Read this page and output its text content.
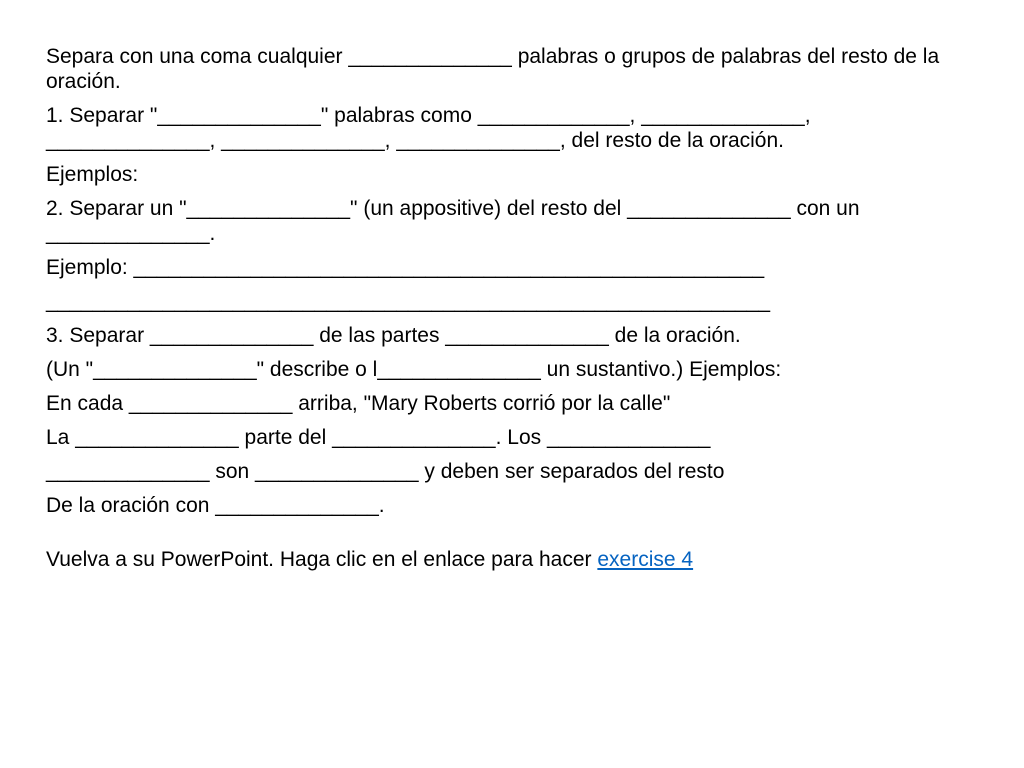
Separa con una coma cualquier ______________ palabras o grupos de palabras del resto de la oración.

1. Separar "______________" palabras como _____________, ______________, ______________, ______________, ______________, del resto de la oración.

Ejemplos:

2. Separar un "______________" (un appositive) del resto del ______________ con un ______________.

Ejemplo: ______________________________________________________

______________________________________________________________

3. Separar ______________ de las partes ______________ de la oración.

(Un "______________" describe o l______________ un sustantivo.) Ejemplos:

En cada ______________ arriba, "Mary Roberts corrió por la calle"

La ______________ parte del ______________. Los ______________

______________ son ______________ y deben ser separados del resto

De la oración con ______________.

Vuelva a su PowerPoint. Haga clic en el enlace para hacer exercise 4
